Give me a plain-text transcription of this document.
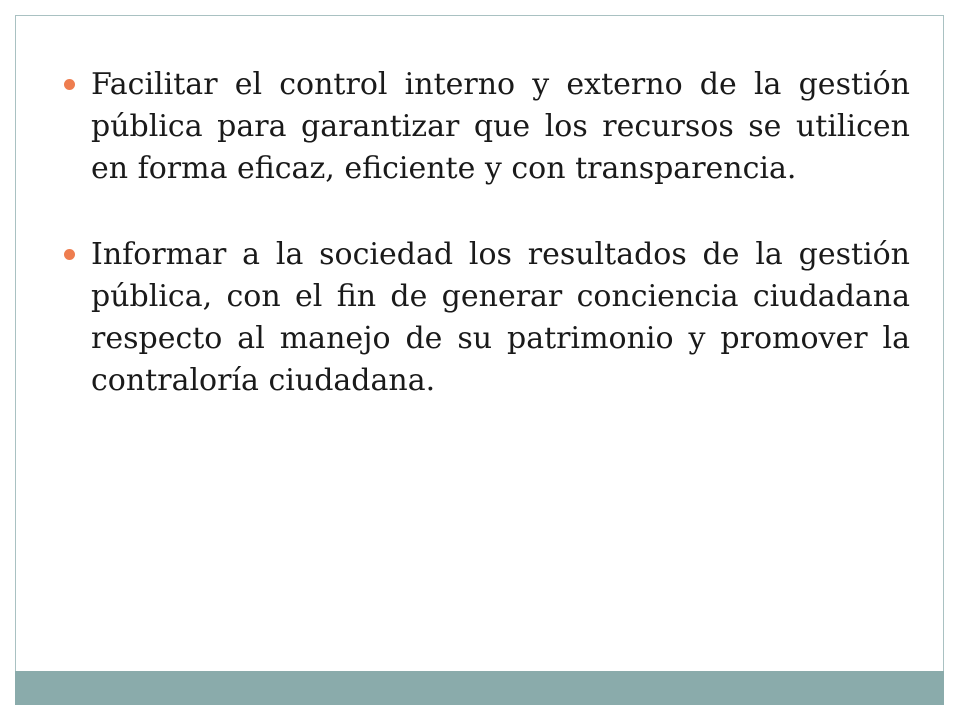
Facilitar el control interno y externo de la gestión pública para garantizar que los recursos se utilicen en forma eficaz, eficiente y con transparencia.
Informar a la sociedad los resultados de la gestión pública, con el fin de generar conciencia ciudadana respecto al manejo de su patrimonio y promover la contraloría ciudadana.
